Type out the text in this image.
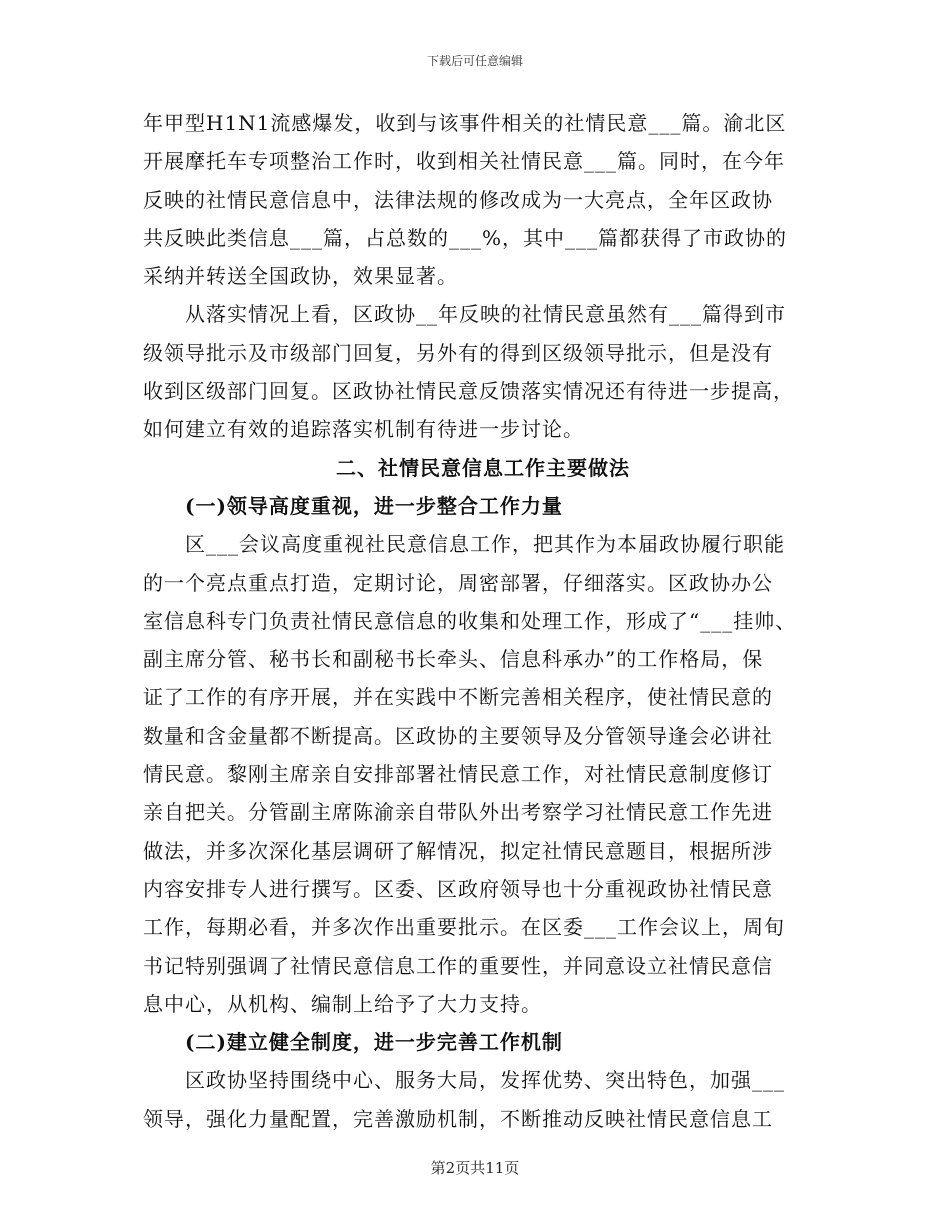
下载后可任意编辑
年甲型H1N1流感爆发，收到与该事件相关的社情民意___篇。渝北区
开展摩托车专项整治工作时，收到相关社情民意___篇。同时，在今年
反映的社情民意信息中，法律法规的修改成为一大亮点，全年区政协
共反映此类信息___篇，占总数的___%，其中___篇都获得了市政协的
采纳并转送全国政协，效果显著。
从落实情况上看，区政协__年反映的社情民意虽然有___篇得到市
级领导批示及市级部门回复，另外有的得到区级领导批示，但是没有
收到区级部门回复。区政协社情民意反馈落实情况还有待进一步提高，
如何建立有效的追踪落实机制有待进一步讨论。
二、社情民意信息工作主要做法
(一)领导高度重视，进一步整合工作力量
区___会议高度重视社民意信息工作，把其作为本届政协履行职能
的一个亮点重点打造，定期讨论，周密部署，仔细落实。区政协办公
室信息科专门负责社情民意信息的收集和处理工作，形成了“___挂帅、
副主席分管、秘书长和副秘书长牵头、信息科承办”的工作格局，保
证了工作的有序开展，并在实践中不断完善相关程序，使社情民意的
数量和含金量都不断提高。区政协的主要领导及分管领导逢会必讲社
情民意。黎刚主席亲自安排部署社情民意工作，对社情民意制度修订
亲自把关。分管副主席陈渝亲自带队外出考察学习社情民意工作先进
做法，并多次深化基层调研了解情况，拟定社情民意题目，根据所涉
内容安排专人进行撰写。区委、区政府领导也十分重视政协社情民意
工作，每期必看，并多次作出重要批示。在区委___工作会议上，周旬
书记特别强调了社情民意信息工作的重要性，并同意设立社情民意信
息中心，从机构、编制上给予了大力支持。
(二)建立健全制度，进一步完善工作机制
区政协坚持围绕中心、服务大局，发挥优势、突出特色，加强___
领导，强化力量配置，完善激励机制，不断推动反映社情民意信息工
第2页共11页
